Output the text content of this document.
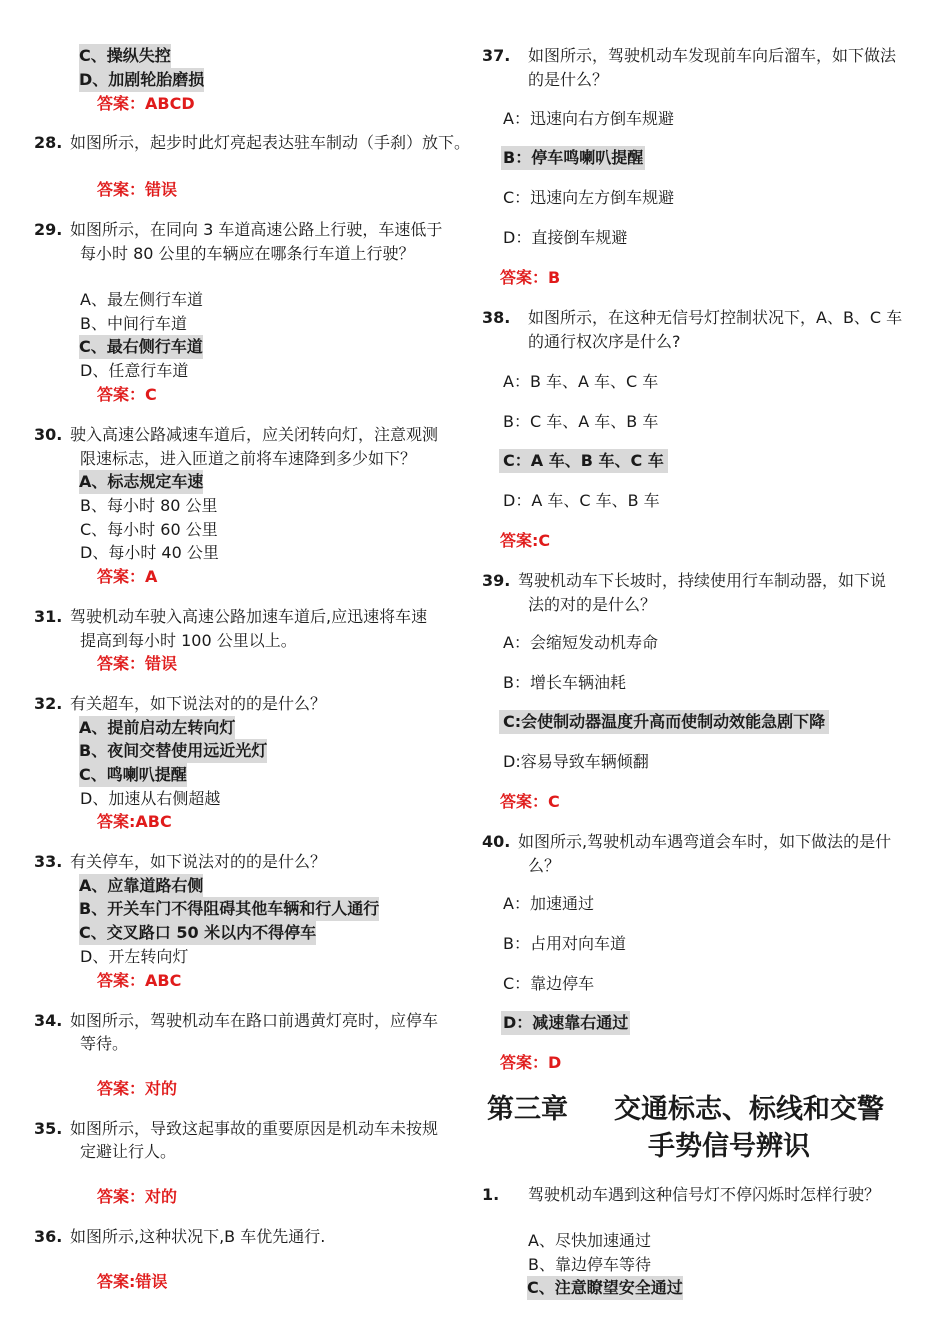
C、操纵失控
D、加剧轮胎磨损
答案：ABCD
28. 如图所示，起步时此灯亮起表达驻车制动（手刹）放下。
答案：错误
29. 如图所示，在同向 3 车道高速公路上行驶，车速低于
每小时 80 公里的车辆应在哪条行车道上行驶？
A、最左侧行车道
B、中间行车道
C、最右侧行车道
D、任意行车道
答案：C
30. 驶入高速公路减速车道后，应关闭转向灯，注意观测
限速标志，进入匝道之前将车速降到多少如下？
A、标志规定车速
B、每小时 80 公里
C、每小时 60 公里
D、每小时 40 公里
答案：A
31. 驾驶机动车驶入高速公路加速车道后,应迅速将车速
提高到每小时 100 公里以上。
答案：错误
32. 有关超车，如下说法对的的是什么？
A、提前启动左转向灯
B、夜间交替使用远近光灯
C、鸣喇叭提醒
D、加速从右侧超越
答案:ABC
33. 有关停车，如下说法对的的是什么？
A、应靠道路右侧
B、开关车门不得阻碍其他车辆和行人通行
C、交叉路口 50 米以内不得停车
D、开左转向灯
答案：ABC
34. 如图所示，驾驶机动车在路口前遇黄灯亮时，应停车
等待。
答案：对的
35. 如图所示，导致这起事故的重要原因是机动车未按规
定避让行人。
答案：对的
36. 如图所示,这种状况下,B 车优先通行.
答案:错误
37. 如图所示，驾驶机动车发现前车向后溜车，如下做法
的是什么？
A：迅速向右方倒车规避
B：停车鸣喇叭提醒
C：迅速向左方倒车规避
D：直接倒车规避
答案：B
38. 如图所示，在这种无信号灯控制状况下，A、B、C 车
的通行权次序是什么?
A：B 车、A 车、C 车
B：C 车、A 车、B 车
C：A 车、B 车、C 车
D：A 车、C 车、B 车
答案:C
39. 驾驶机动车下长坡时，持续使用行车制动器，如下说
法的对的是什么？
A：会缩短发动机寿命
B：增长车辆油耗
C:会使制动器温度升高而使制动效能急剧下降
D:容易导致车辆倾翻
答案：C
40. 如图所示,驾驶机动车遇弯道会车时，如下做法的是什
么？
A：加速通过
B：占用对向车道
C：靠边停车
D：减速靠右通过
答案：D
第三章 交通标志、标线和交警
手势信号辨识
1. 驾驶机动车遇到这种信号灯不停闪烁时怎样行驶？
A、尽快加速通过
B、靠边停车等待
C、注意瞭望安全通过
